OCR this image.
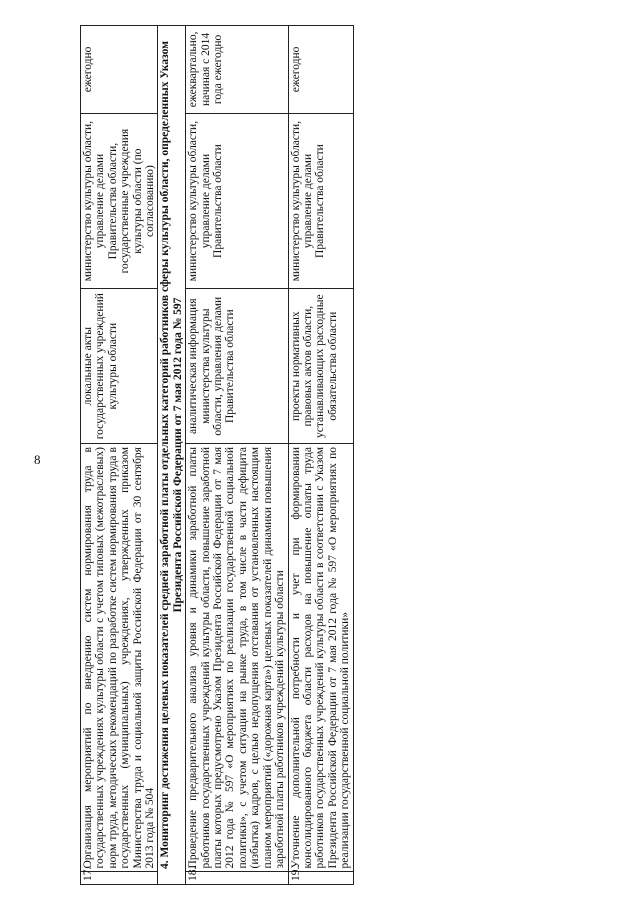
8
17.	Организация мероприятий по внедрению систем нормирования труда в государственных учреждениях культуры области с учетом типовых (межотраслевых) норм труда, методических рекомендаций по разработке систем нормирования труда в государственных (муниципальных) учреждениях, утвержденных приказом Министерства труда и социальной защиты Российской Федерации от 30 сентября 2013 года № 504	локальные акты государственных учреждений культуры области	министерство культуры области, управление делами Правительства области, государственные учреждения культуры области (по согласованию)	ежегодно
4. Мониторинг достижения целевых показателей средней заработной платы отдельных категорий работников сферы культуры области, определенных Указом Президента Российской Федерации от 7 мая 2012 года № 597				
18.	Проведение предварительного анализа уровня и динамики заработной платы работников государственных учреждений культуры области, повышение заработной платы которых предусмотрено Указом Президента Российской Федерации от 7 мая 2012 года № 597 «О мероприятиях по реализации государственной социальной политики», с учетом ситуации на рынке труда, в том числе в части дефицита (избытка) кадров, с целью недопущения отставания от установленных настоящим планом мероприятий («дорожная карта») целевых показателей динамики повышения заработной платы работников учреждений культуры области	аналитическая информация министерства культуры области, управления делами Правительства области	министерство культуры области, управление делами Правительства области	ежеквартально, начиная с 2014 года ежегодно
19.	Уточнение дополнительной потребности и учет при формировании консолидированного бюджета области расходов на повышение оплаты труда работников государственных учреждений культуры области в соответствии с Указом Президента Российской Федерации от 7 мая 2012 года № 597 «О мероприятиях по реализации государственной социальной политики»	проекты нормативных правовых актов области, устанавливающих расходные обязательства области	министерство культуры области, управление делами Правительства области	ежегодно
